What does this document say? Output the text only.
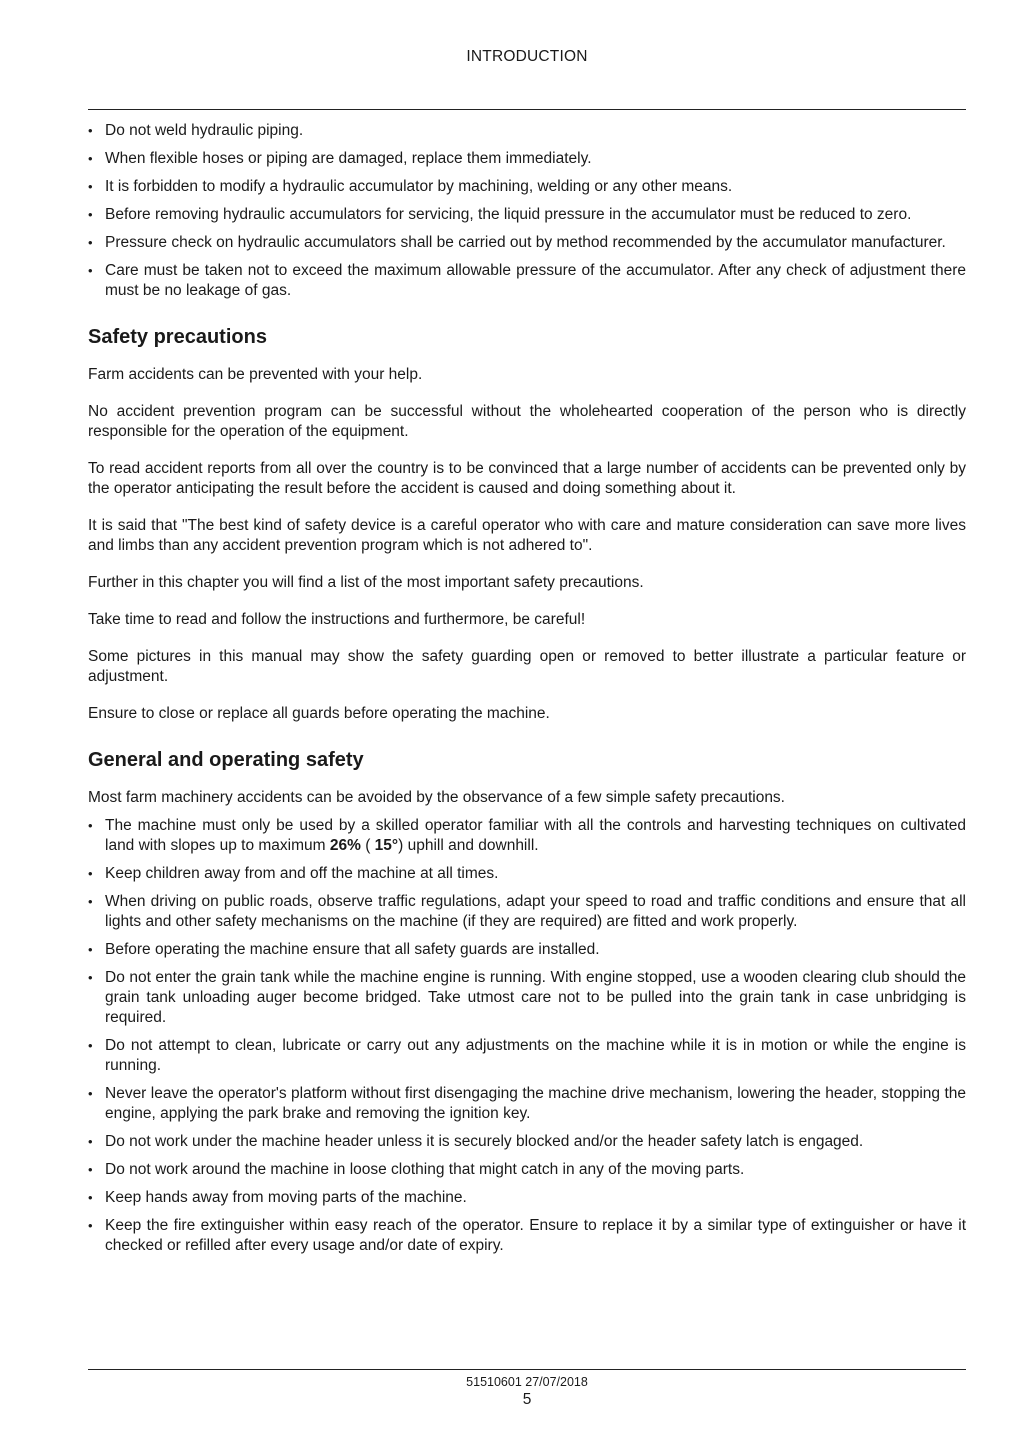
INTRODUCTION
• Do not weld hydraulic piping.
• When flexible hoses or piping are damaged, replace them immediately.
• It is forbidden to modify a hydraulic accumulator by machining, welding or any other means.
• Before removing hydraulic accumulators for servicing, the liquid pressure in the accumulator must be reduced to zero.
• Pressure check on hydraulic accumulators shall be carried out by method recommended by the accumulator manufacturer.
• Care must be taken not to exceed the maximum allowable pressure of the accumulator. After any check of adjustment there must be no leakage of gas.
Safety precautions

Farm accidents can be prevented with your help.

No accident prevention program can be successful without the wholehearted cooperation of the person who is directly responsible for the operation of the equipment.

To read accident reports from all over the country is to be convinced that a large number of accidents can be prevented only by the operator anticipating the result before the accident is caused and doing something about it.

It is said that "The best kind of safety device is a careful operator who with care and mature consideration can save more lives and limbs than any accident prevention program which is not adhered to".

Further in this chapter you will find a list of the most important safety precautions.

Take time to read and follow the instructions and furthermore, be careful!

Some pictures in this manual may show the safety guarding open or removed to better illustrate a particular feature or adjustment.

Ensure to close or replace all guards before operating the machine.

General and operating safety

Most farm machinery accidents can be avoided by the observance of a few simple safety precautions.

• The machine must only be used by a skilled operator familiar with all the controls and harvesting techniques on cultivated land with slopes up to maximum 26% ( 15°) uphill and downhill.
• Keep children away from and off the machine at all times.
• When driving on public roads, observe traffic regulations, adapt your speed to road and traffic conditions and ensure that all lights and other safety mechanisms on the machine (if they are required) are fitted and work properly.
• Before operating the machine ensure that all safety guards are installed.
• Do not enter the grain tank while the machine engine is running. With engine stopped, use a wooden clearing club should the grain tank unloading auger become bridged. Take utmost care not to be pulled into the grain tank in case unbridging is required.
• Do not attempt to clean, lubricate or carry out any adjustments on the machine while it is in motion or while the engine is running.
• Never leave the operator's platform without first disengaging the machine drive mechanism, lowering the header, stopping the engine, applying the park brake and removing the ignition key.
• Do not work under the machine header unless it is securely blocked and/or the header safety latch is engaged.
• Do not work around the machine in loose clothing that might catch in any of the moving parts.
• Keep hands away from moving parts of the machine.
• Keep the fire extinguisher within easy reach of the operator. Ensure to replace it by a similar type of extinguisher or have it checked or refilled after every usage and/or date of expiry.
51510601 27/07/2018
5
